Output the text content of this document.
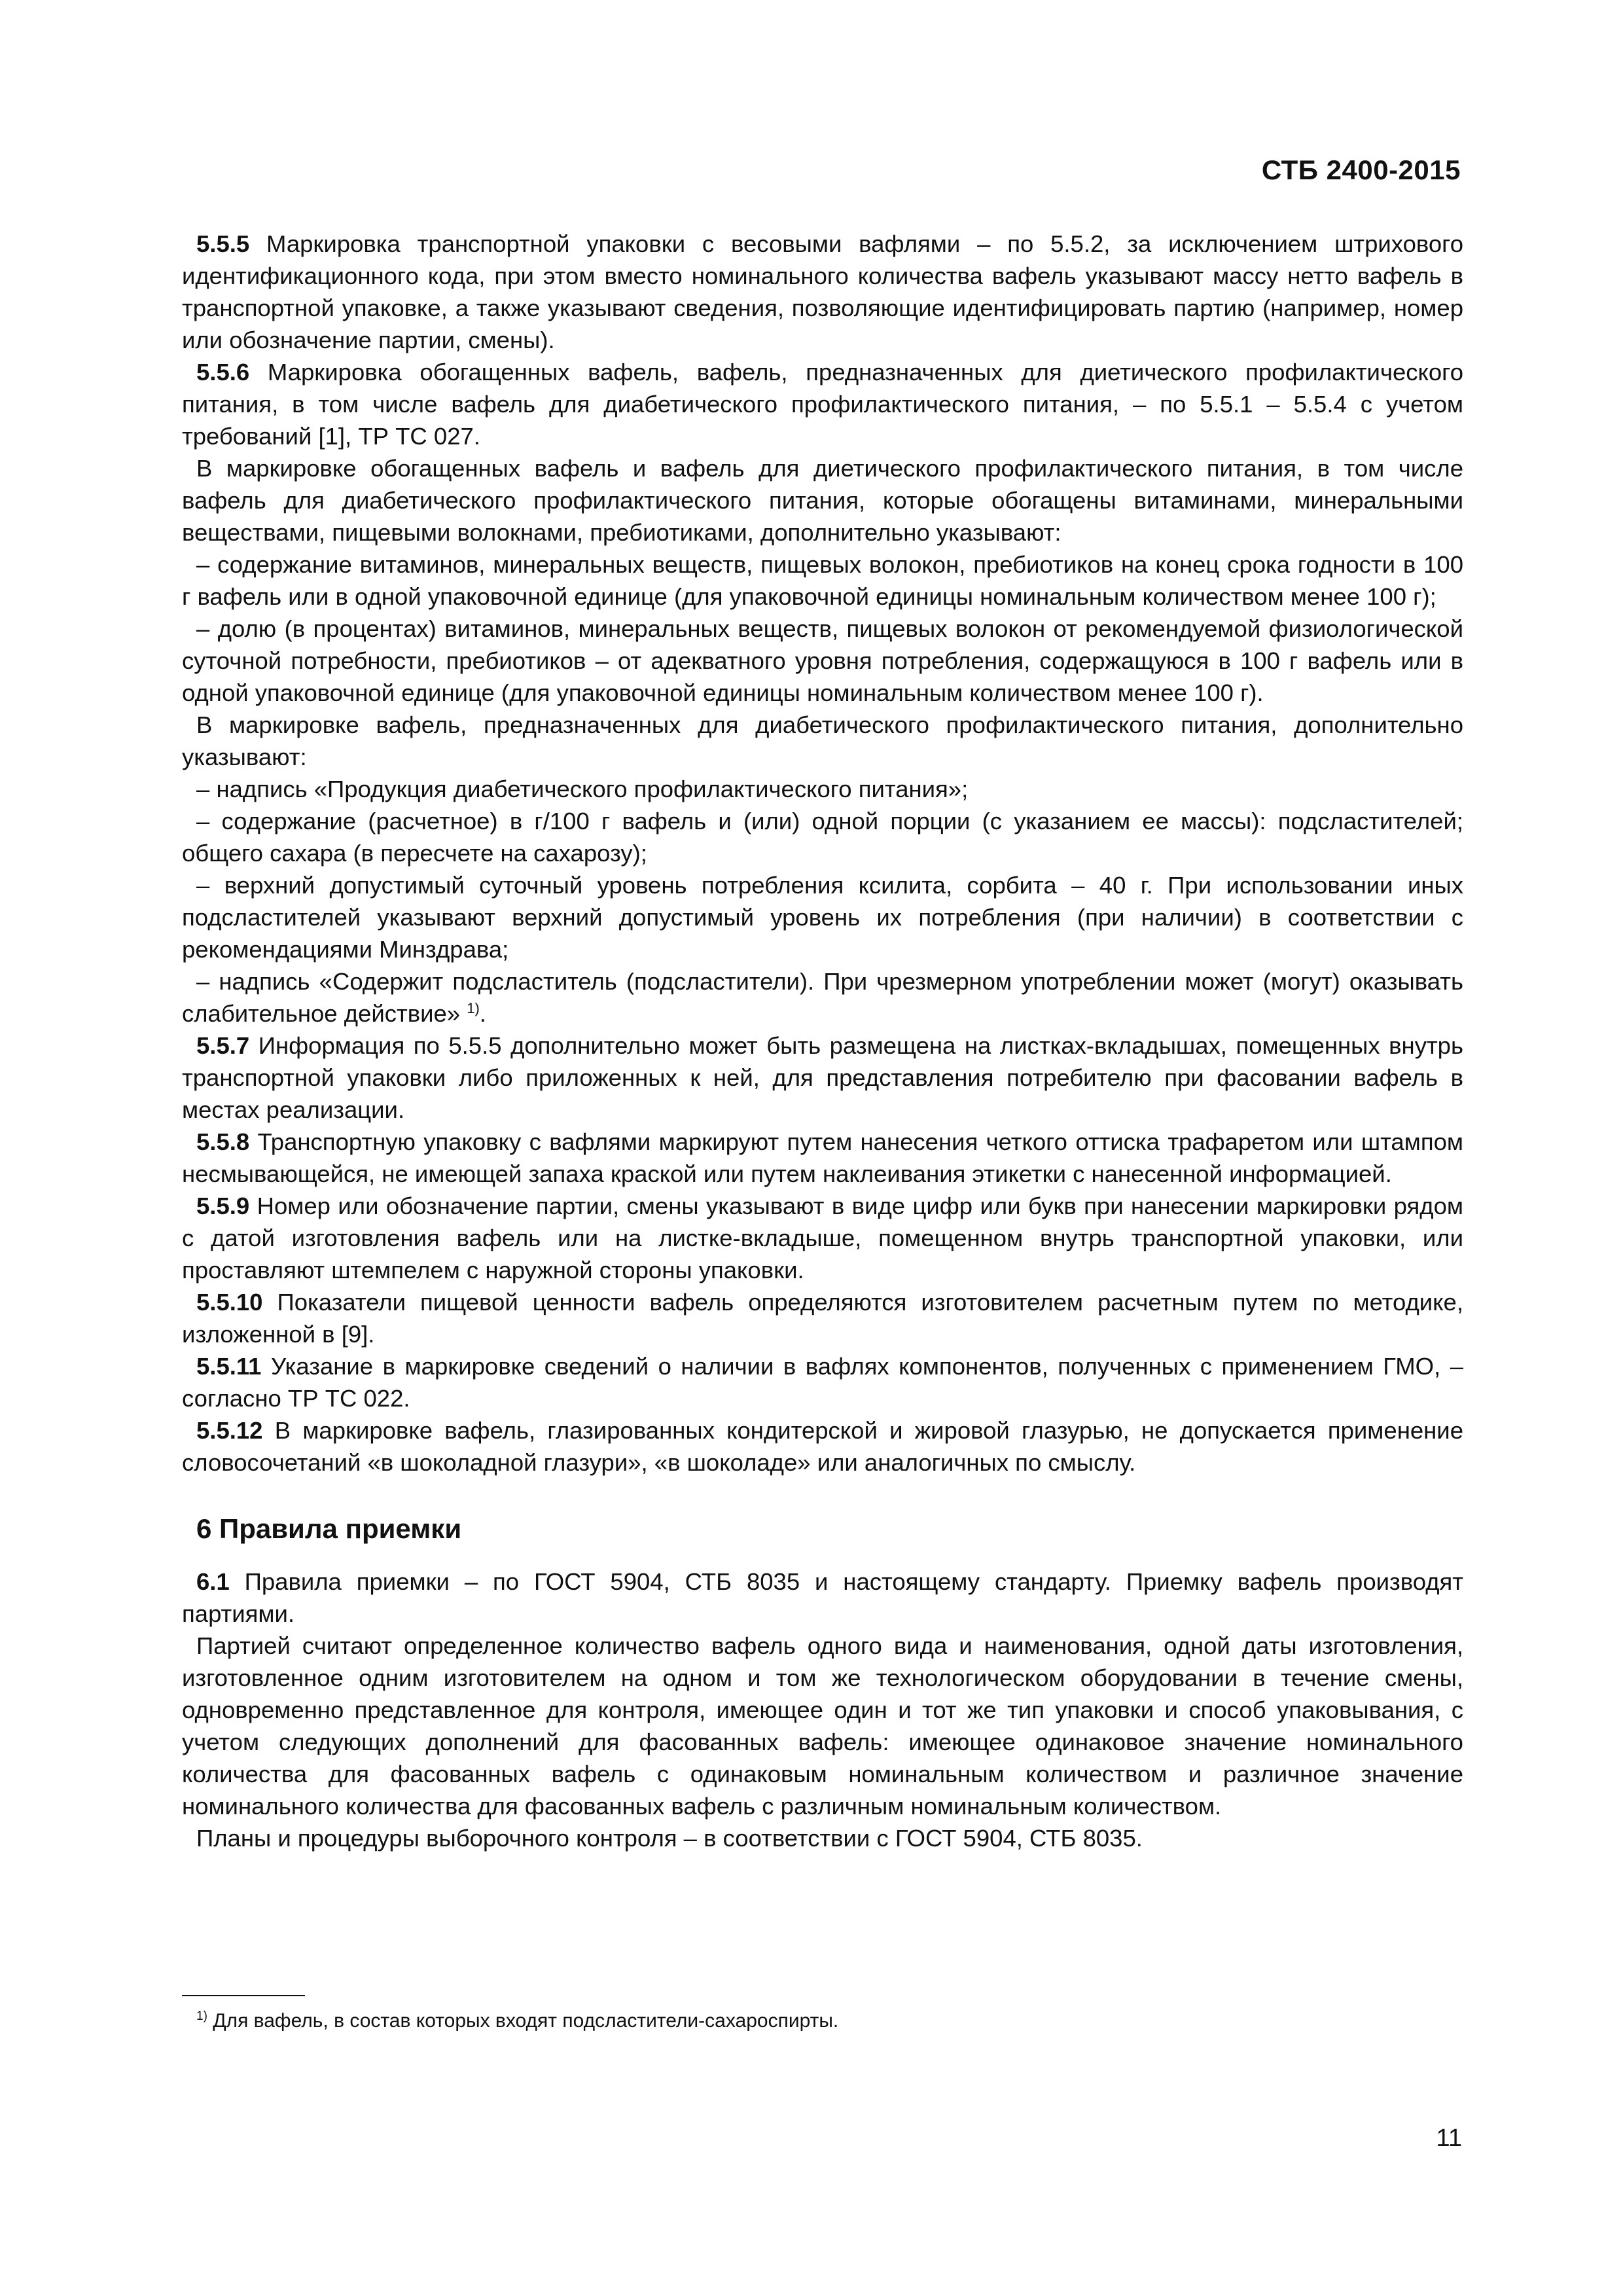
СТБ 2400-2015

5.5.5 Маркировка транспортной упаковки с весовыми вафлями – по 5.5.2, за исключением штрихового идентификационного кода, при этом вместо номинального количества вафель указывают массу нетто вафель в транспортной упаковке, а также указывают сведения, позволяющие идентифицировать партию (например, номер или обозначение партии, смены).

5.5.6 Маркировка обогащенных вафель, вафель, предназначенных для диетического профилактического питания, в том числе вафель для диабетического профилактического питания, – по 5.5.1 – 5.5.4 с учетом требований [1], ТР ТС 027.

В маркировке обогащенных вафель и вафель для диетического профилактического питания, в том числе вафель для диабетического профилактического питания, которые обогащены витаминами, минеральными веществами, пищевыми волокнами, пребиотиками, дополнительно указывают:

– содержание витаминов, минеральных веществ, пищевых волокон, пребиотиков на конец срока годности в 100 г вафель или в одной упаковочной единице (для упаковочной единицы номинальным количеством менее 100 г);

– долю (в процентах) витаминов, минеральных веществ, пищевых волокон от рекомендуемой физиологической суточной потребности, пребиотиков – от адекватного уровня потребления, содержащуюся в 100 г вафель или в одной упаковочной единице (для упаковочной единицы номинальным количеством менее 100 г).

В маркировке вафель, предназначенных для диабетического профилактического питания, дополнительно указывают:

– надпись «Продукция диабетического профилактического питания»;

– содержание (расчетное) в г/100 г вафель и (или) одной порции (с указанием ее массы): подсластителей; общего сахара (в пересчете на сахарозу);

– верхний допустимый суточный уровень потребления ксилита, сорбита – 40 г. При использовании иных подсластителей указывают верхний допустимый уровень их потребления (при наличии) в соответствии с рекомендациями Минздрава;

– надпись «Содержит подсластитель (подсластители). При чрезмерном употреблении может (могут) оказывать слабительное действие» $^{1)}$.

5.5.7 Информация по 5.5.5 дополнительно может быть размещена на листках-вкладышах, помещенных внутрь транспортной упаковки либо приложенных к ней, для представления потребителю при фасовании вафель в местах реализации.

5.5.8 Транспортную упаковку с вафлями маркируют путем нанесения четкого оттиска трафаретом или штампом несмывающейся, не имеющей запаха краской или путем наклеивания этикетки с нанесенной информацией.

5.5.9 Номер или обозначение партии, смены указывают в виде цифр или букв при нанесении маркировки рядом с датой изготовления вафель или на листке-вкладыше, помещенном внутрь транспортной упаковки, или проставляют штемпелем с наружной стороны упаковки.

5.5.10 Показатели пищевой ценности вафель определяются изготовителем расчетным путем по методике, изложенной в [9].

5.5.11 Указание в маркировке сведений о наличии в вафлях компонентов, полученных с применением ГМО, – согласно ТР ТС 022.

5.5.12 В маркировке вафель, глазированных кондитерской и жировой глазурью, не допускается применение словосочетаний «в шоколадной глазури», «в шоколаде» или аналогичных по смыслу.

6 Правила приемки

6.1 Правила приемки – по ГОСТ 5904, СТБ 8035 и настоящему стандарту. Приемку вафель производят партиями.

Партией считают определенное количество вафель одного вида и наименования, одной даты изготовления, изготовленное одним изготовителем на одном и том же технологическом оборудовании в течение смены, одновременно представленное для контроля, имеющее один и тот же тип упаковки и способ упаковывания, с учетом следующих дополнений для фасованных вафель: имеющее одинаковое значение номинального количества для фасованных вафель с одинаковым номинальным количеством и различное значение номинального количества для фасованных вафель с различным номинальным количеством.

Планы и процедуры выборочного контроля – в соответствии с ГОСТ 5904, СТБ 8035.

$^{1)}$ Для вафель, в состав которых входят подсластители-сахароспирты.
11
